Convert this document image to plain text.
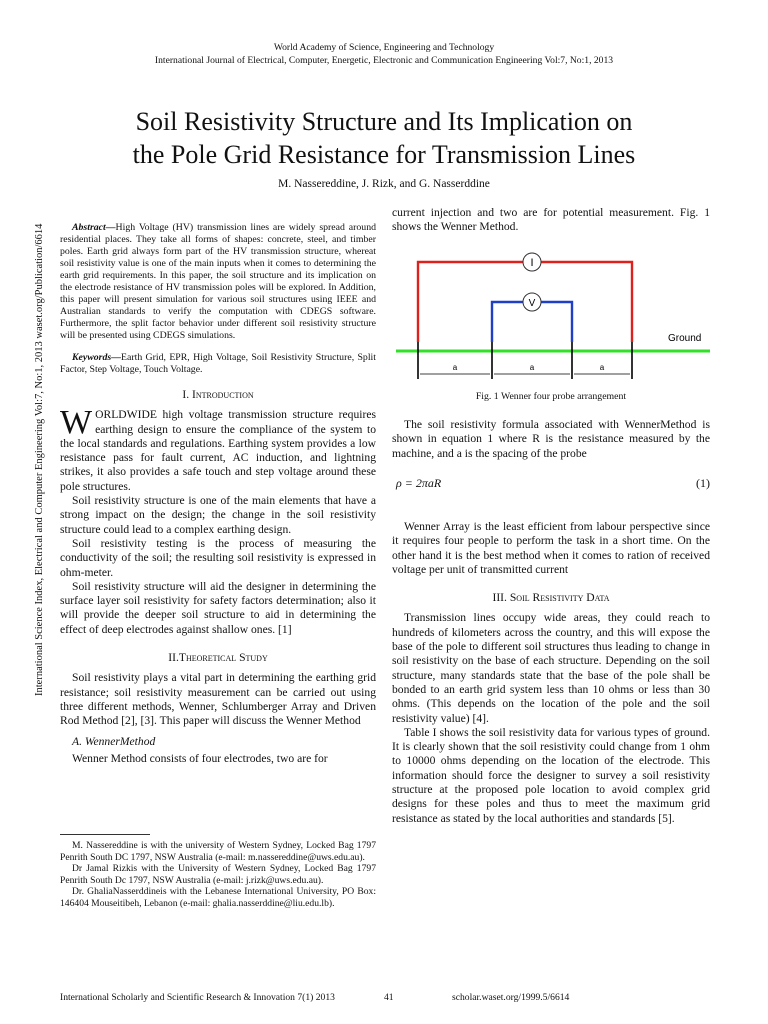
World Academy of Science, Engineering and Technology
International Journal of Electrical, Computer, Energetic, Electronic and Communication Engineering Vol:7, No:1, 2013
Soil Resistivity Structure and Its Implication on
the Pole Grid Resistance for Transmission Lines
M. Nassereddine, J. Rizk, and G. Nasserddine
International Science Index, Electrical and Computer Engineering Vol:7, No:1, 2013 waset.org/Publication/6614	Abstract—High Voltage (HV) transmission lines are widely spread around residential places. They take all forms of shapes: concrete, steel, and timber poles. Earth grid always form part of the HV transmission structure, whereat soil resistivity value is one of the main inputs when it comes to determining the earth grid requirements. In this paper, the soil structure and its implication on the electrode resistance of HV transmission poles will be explored. In Addition, this paper will present simulation for various soil structures using IEEE and Australian standards to verify the computation with CDEGS software. Furthermore, the split factor behavior under different soil resistivity structure will be presented using CDEGS simulations.

Keywords—Earth Grid, EPR, High Voltage, Soil Resistivity Structure, Split Factor, Step Voltage, Touch Voltage.

I. Introduction

WORLDWIDE high voltage transmission structure requires earthing design to ensure the compliance of the system to the local standards and regulations. Earthing system provides a low resistance pass for fault current, AC induction, and lightning strikes, it also provides a safe touch and step voltage around these pole structures.

Soil resistivity structure is one of the main elements that have a strong impact on the design; the change in the soil resistivity structure could lead to a complex earthing design.

Soil resistivity testing is the process of measuring the conductivity of the soil; the resulting soil resistivity is expressed in ohm-meter.

Soil resistivity structure will aid the designer in determining the surface layer soil resistivity for safety factors determination; also it will provide the deeper soil structure to aid in determining the effect of deep electrodes against shallow ones. [1]

II.Theoretical Study

Soil resistivity plays a vital part in determining the earthing grid resistance; soil resistivity measurement can be carried out using three different methods, Wenner, Schlumberger Array and Driven Rod Method [2], [3]. This paper will discuss the Wenner Method

A. WennerMethod

Wenner Method consists of four electrodes, two are for

M. Nassereddine is with the university of Western Sydney, Locked Bag 1797 Penrith South DC 1797, NSW Australia (e-mail: m.nassereddine@uws.edu.au).

Dr Jamal Rizkis with the University of Western Sydney, Locked Bag 1797 Penrith South Dc 1797, NSW Australia (e-mail: j.rizk@uws.edu.au).

Dr. GhaliaNasserddineis with the Lebanese International University, PO Box: 146404 Mouseitibeh, Lebanon (e-mail: ghalia.nasserddine@liu.edu.lb).

current injection and two are for potential measurement. Fig. 1 shows the Wenner Method.

I
V
Ground
a	a	a
Fig. 1 Wenner four probe arrangement

The soil resistivity formula associated with WennerMethod is shown in equation 1 where R is the resistance measured by the machine, and a is the spacing of the probe

ρ = 2πaR	(1)

Wenner Array is the least efficient from labour perspective since it requires four people to perform the task in a short time. On the other hand it is the best method when it comes to ration of received voltage per unit of transmitted current

III. Soil Resistivity Data

Transmission lines occupy wide areas, they could reach to hundreds of kilometers across the country, and this will expose the base of the pole to different soil structures thus leading to change in soil resistivity on the base of each structure. Depending on the soil structure, many standards state that the base of the pole shall be bonded to an earth grid system less than 10 ohms or less than 30 ohms. (This depends on the location of the pole and the soil resistivity value) [4].

Table I shows the soil resistivity data for various types of ground. It is clearly shown that the soil resistivity could change from 1 ohm to 10000 ohms depending on the location of the electrode. This information should force the designer to survey a soil resistivity structure at the proposed pole location to avoid complex grid designs for these poles and thus to meet the maximum grid resistance as stated by the local authorities and standards [5].

International Scholarly and Scientific Research & Innovation 7(1) 2013	41	scholar.waset.org/1999.5/6614
